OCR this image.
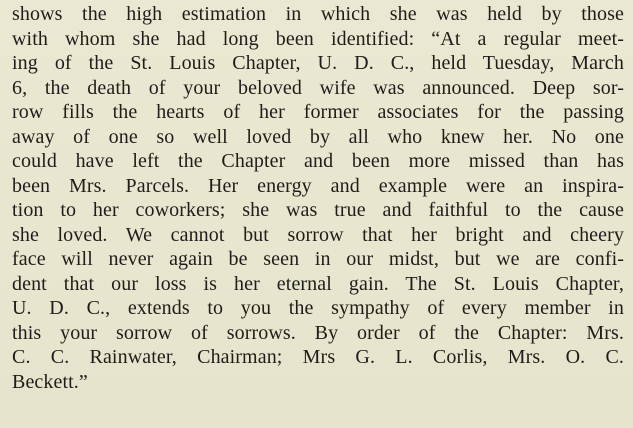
shows the high estimation in which she was held by those
with whom she had long been identified: “At a regular meet-
ing of the St. Louis Chapter, U. D. C., held Tuesday, March
6, the death of your beloved wife was announced. Deep sor-
row fills the hearts of her former associates for the passing
away of one so well loved by all who knew her. No one
could have left the Chapter and been more missed than has
been Mrs. Parcels. Her energy and example were an inspira-
tion to her coworkers; she was true and faithful to the cause
she loved. We cannot but sorrow that her bright and cheery
face will never again be seen in our midst, but we are confi-
dent that our loss is her eternal gain. The St. Louis Chapter,
U. D. C., extends to you the sympathy of every member in
this your sorrow of sorrows. By order of the Chapter: Mrs.
C. C. Rainwater, Chairman; Mrs G. L. Corlis, Mrs. O. C.
Beckett.”
